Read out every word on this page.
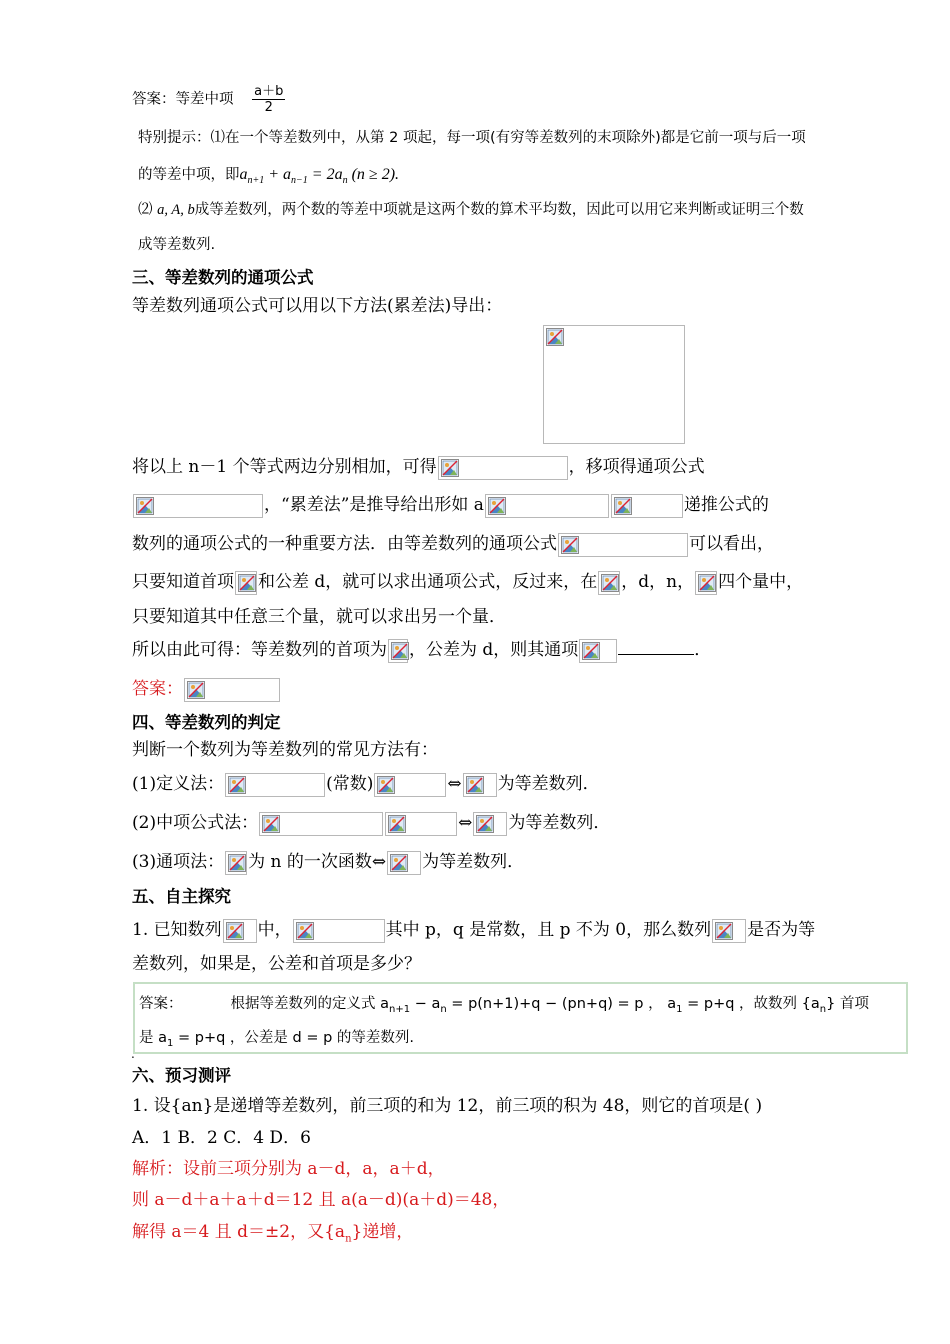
答案：等差中项 $\frac{a+b}{2}$
特别提示：⑴在一个等差数列中，从第 2 项起，每一项(有穷等差数列的末项除外)都是它前一项与后一项
的等差中项，即$a_{n+1} + a_{n-1} = 2a_n$ (n ≥ 2).
⑵ a, A, b成等差数列，两个数的等差中项就是这两个数的算术平均数，因此可以用它来判断或证明三个数
成等差数列.
三、等差数列的通项公式
等差数列通项公式可以用以下方法(累差法)导出：
将以上 n－1 个等式两边分别相加，可得	，移项得通项公式
，“累差法”是推导给出形如 a	递推公式的
数列的通项公式的一种重要方法．由等差数列的通项公式	可以看出，
只要知道首项 和公差 d，就可以求出通项公式，反过来，在 ，d，n， 四个量中，
只要知道其中任意三个量，就可以求出另一个量．
所以由此可得：等差数列的首项为 ，公差为 d，则其通项	．
答案：
四、等差数列的判定
判断一个数列为等差数列的常见方法有：
(1)定义法：	(常数)	⇔ 为等差数列．
(2)中项公式法：	⇔ 为等差数列．
(3)通项法： 为 n 的一次函数⇔ 为等差数列．
五、自主探究
1. 已知数列 中，	其中 p，q 是常数，且 p 不为 0，那么数列 是否为等
差数列，如果是，公差和首项是多少？
答案：	根据等差数列的定义式 $a_{n+1} - a_n = p(n+1)+q - (pn+q) = p$ ， $a_1 = p+q$ ，故数列 $\{a_n\}$ 首项
是 $a_1 = p+q$ ，公差是 d = p 的等差数列.
.
六、预习测评
1. 设{an}是递增等差数列，前三项的和为 12，前三项的积为 48，则它的首项是( )
A．1 B．2 C．4 D．6
解析：设前三项分别为 a－d，a，a＋d，
则 a－d＋a＋a＋d＝12 且 a(a－d)(a＋d)＝48，
解得 a＝4 且 d＝±2，又$\{a_n\}$递增，
